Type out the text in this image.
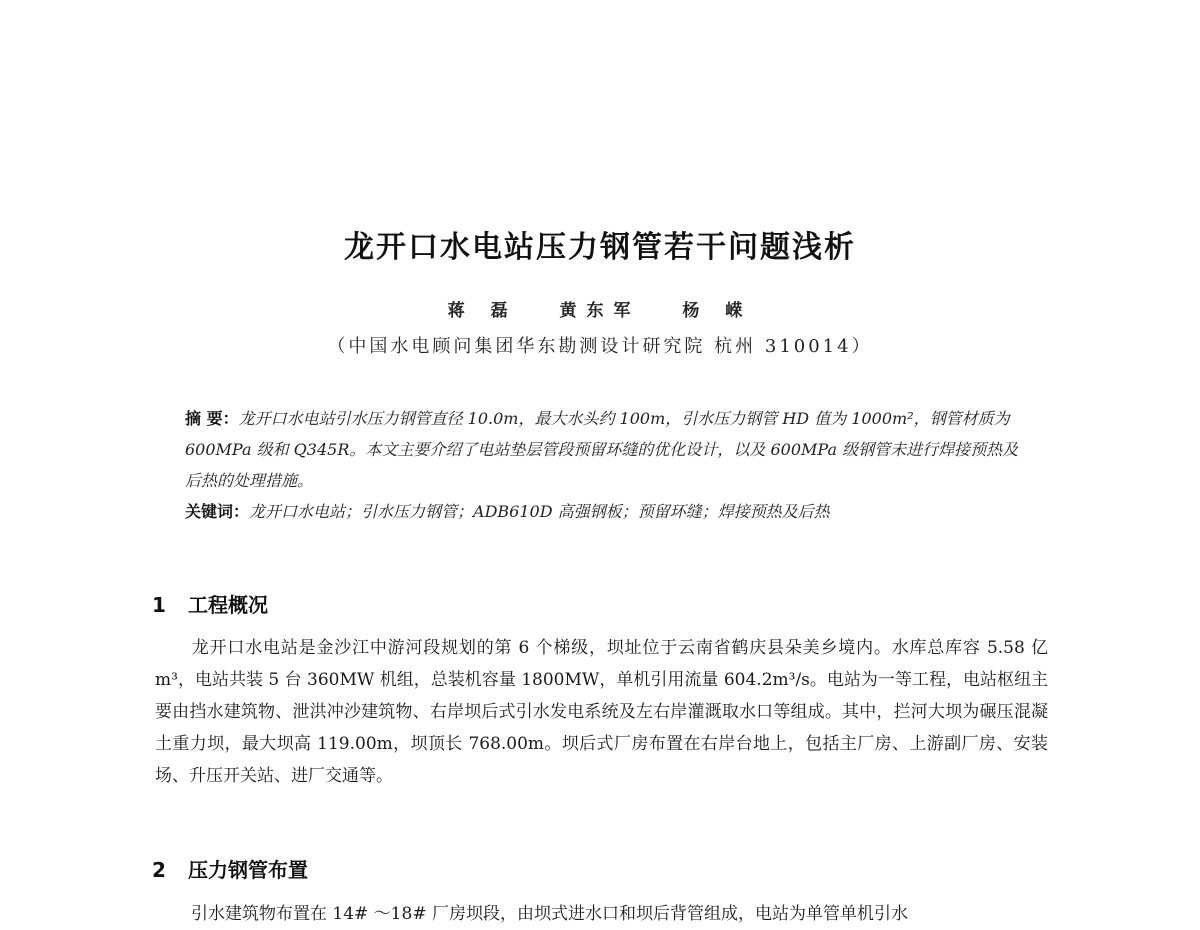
龙开口水电站压力钢管若干问题浅析
蒋 磊 黄东军 杨 嵘
（中国水电顾问集团华东勘测设计研究院 杭州 310014）

摘 要：龙开口水电站引水压力钢管直径 10.0m，最大水头约 100m，引水压力钢管 HD 值为 1000m²，钢管材质为 600MPa 级和 Q345R。本文主要介绍了电站垫层管段预留环缝的优化设计，以及 600MPa 级钢管未进行焊接预热及后热的处理措施。

关键词：龙开口水电站；引水压力钢管；ADB610D 高强钢板；预留环缝；焊接预热及后热

1 工程概况
龙开口水电站是金沙江中游河段规划的第 6 个梯级，坝址位于云南省鹤庆县朵美乡境内。水库总库容 5.58 亿 m³，电站共装 5 台 360MW 机组，总装机容量 1800MW，单机引用流量 604.2m³/s。电站为一等工程，电站枢纽主要由挡水建筑物、泄洪冲沙建筑物、右岸坝后式引水发电系统及左右岸灌溉取水口等组成。其中，拦河大坝为碾压混凝土重力坝，最大坝高 119.00m，坝顶长 768.00m。坝后式厂房布置在右岸台地上，包括主厂房、上游副厂房、安装场、升压开关站、进厂交通等。
2 压力钢管布置
引水建筑物布置在 14# ～18# 厂房坝段，由坝式进水口和坝后背管组成，电站为单管单机引水
